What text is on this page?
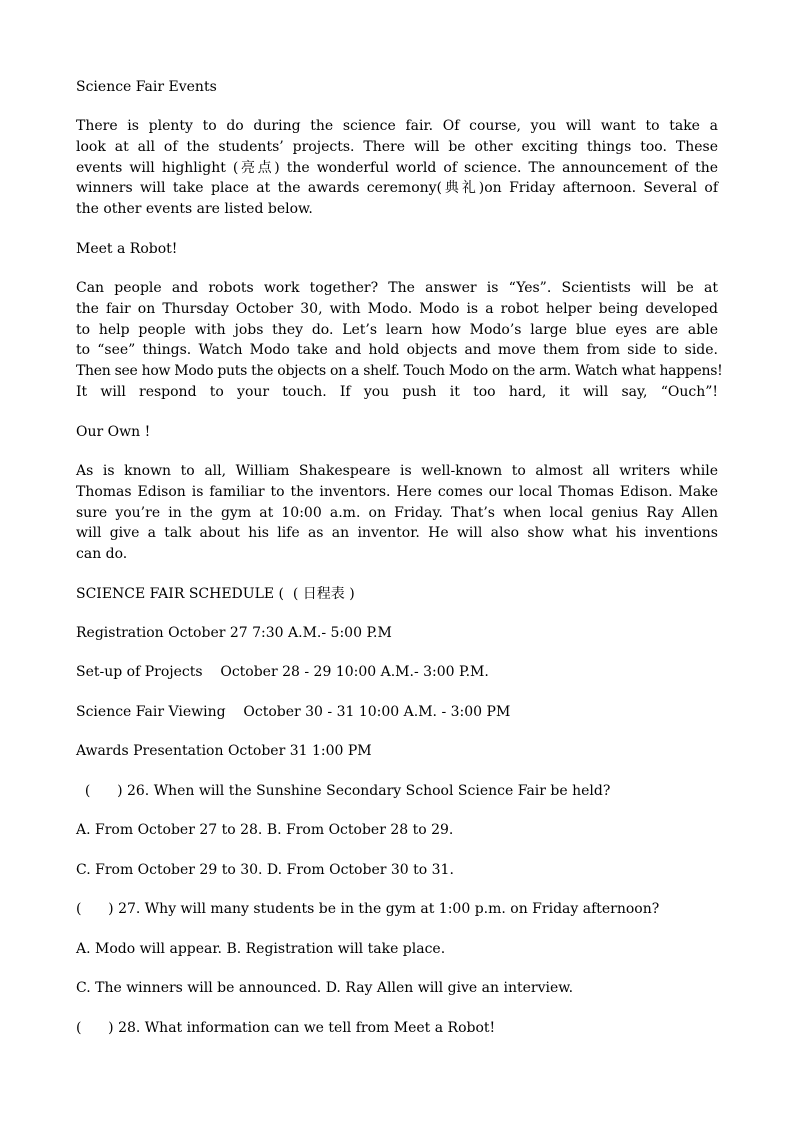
Science Fair Events
There is plenty to do during the science fair. Of course, you will want to take a
look at all of the students’ projects. There will be other exciting things too. These
events will highlight (亮点) the wonderful world of science. The announcement of the
winners will take place at the awards ceremony(典礼)on Friday afternoon. Several of
the other events are listed below.
Meet a Robot!
Can people and robots work together? The answer is “Yes”. Scientists will be at
the fair on Thursday October 30, with Modo. Modo is a robot helper being developed
to help people with jobs they do. Let’s learn how Modo’s large blue eyes are able
to “see” things. Watch Modo take and hold objects and move them from side to side.
Then see how Modo puts the objects on a shelf. Touch Modo on the arm. Watch what happens!
It will respond to your touch. If you push it too hard, it will say, “Ouch”!
Our Own !
As is known to all, William Shakespeare is well-known to almost all writers while
Thomas Edison is familiar to the inventors. Here comes our local Thomas Edison. Make
sure you’re in the gym at 10:00 a.m. on Friday. That’s when local genius Ray Allen
will give a talk about his life as an inventor. He will also show what his inventions
can do.
SCIENCE FAIR SCHEDULE (  ( 日程表 )
Registration October 27 7:30 A.M.- 5:00 P.M
Set-up of Projects    October 28 - 29 10:00 A.M.- 3:00 P.M.
Science Fair Viewing    October 30 - 31 10:00 A.M. - 3:00 PM
Awards Presentation October 31 1:00 PM
(      ) 26. When will the Sunshine Secondary School Science Fair be held?
A. From October 27 to 28. B. From October 28 to 29.
C. From October 29 to 30. D. From October 30 to 31.
(      ) 27. Why will many students be in the gym at 1:00 p.m. on Friday afternoon?
A. Modo will appear. B. Registration will take place.
C. The winners will be announced. D. Ray Allen will give an interview.
(      ) 28. What information can we tell from Meet a Robot!
